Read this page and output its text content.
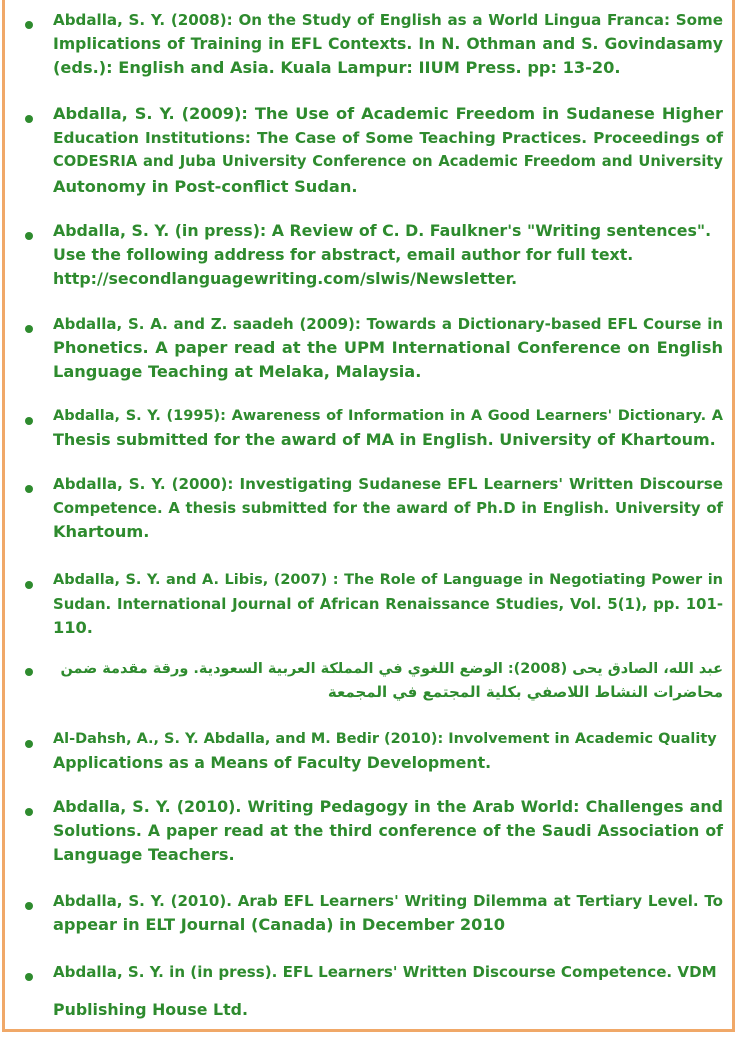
Abdalla, S. Y. (2008): On the Study of English as a World Lingua Franca: Some
Implications of Training in EFL Contexts. In N. Othman and S. Govindasamy
(eds.): English and Asia. Kuala Lampur: IIUM Press. pp: 13-20.
Abdalla, S. Y. (2009): The Use of Academic Freedom in Sudanese Higher
Education Institutions: The Case of Some Teaching Practices. Proceedings of
CODESRIA and Juba University Conference on Academic Freedom and University
Autonomy in Post-conflict Sudan.
Abdalla, S. Y. (in press): A Review of C. D. Faulkner's "Writing sentences".
Use the following address for abstract, email author for full text.
http://secondlanguagewriting.com/slwis/Newsletter.
Abdalla, S. A. and Z. saadeh (2009): Towards a Dictionary-based EFL Course in
Phonetics. A paper read at the UPM International Conference on English
Language Teaching at Melaka, Malaysia.
Abdalla, S. Y. (1995): Awareness of Information in A Good Learners' Dictionary. A
Thesis submitted for the award of MA in English. University of Khartoum.
Abdalla, S. Y. (2000): Investigating Sudanese EFL Learners' Written Discourse
Competence. A thesis submitted for the award of Ph.D in English. University of
Khartoum.
Abdalla, S. Y. and A. Libis, (2007) : The Role of Language in Negotiating Power in
Sudan. International Journal of African Renaissance Studies, Vol. 5(1), pp. 101-
110.
عبد الله، الصادق يحى (2008): الوضع اللغوي في المملكة العربية السعودية. ورقة مقدمة ضمن
محاضرات النشاط اللاصفي بكلية المجتمع في المجمعة
Al-Dahsh, A., S. Y. Abdalla, and M. Bedir (2010): Involvement in Academic Quality
Applications as a Means of Faculty Development.
Abdalla, S. Y. (2010). Writing Pedagogy in the Arab World: Challenges and
Solutions. A paper read at the third conference of the Saudi Association of
Language Teachers.
Abdalla, S. Y. (2010). Arab EFL Learners' Writing Dilemma at Tertiary Level. To
appear in ELT Journal (Canada) in December 2010
Abdalla, S. Y. in (in press). EFL Learners' Written Discourse Competence. VDM
Publishing House Ltd.
